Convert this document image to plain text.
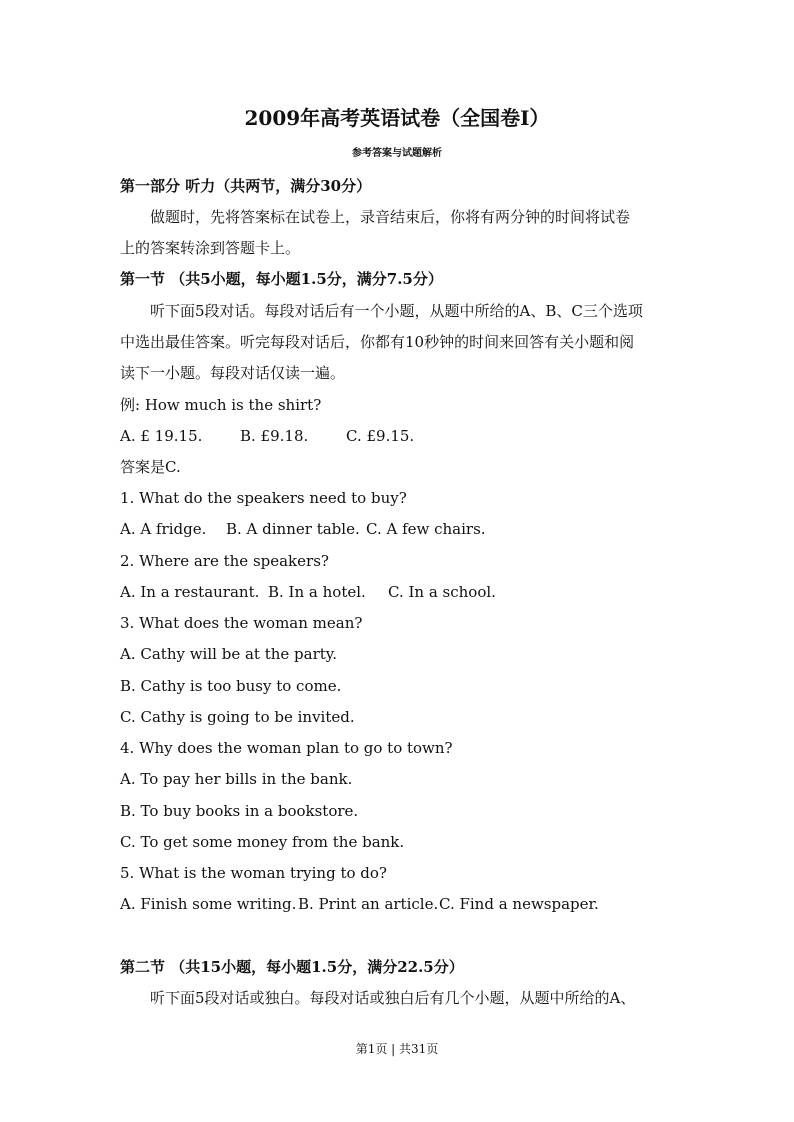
2009年高考英语试卷（全国卷I）
参考答案与试题解析
第一部分 听力（共两节，满分30分）
做题时，先将答案标在试卷上，录音结束后，你将有两分钟的时间将试卷
上的答案转涂到答题卡上。
第一节 （共5小题，每小题1.5分，满分7.5分）
听下面5段对话。每段对话后有一个小题，从题中所给的A、B、C三个选项
中选出最佳答案。听完每段对话后，你都有10秒钟的时间来回答有关小题和阅
读下一小题。每段对话仅读一遍。
例: How much is the shirt?
A. £ 19.15.	B. £9.18.	C. £9.15.
答案是C.
1. What do the speakers need to buy?
A. A fridge. B. A dinner table. C. A few chairs.
2. Where are the speakers?
A. In a restaurant. B. In a hotel. C. In a school.
3. What does the woman mean?
A. Cathy will be at the party.
B. Cathy is too busy to come.
C. Cathy is going to be invited.
4. Why does the woman plan to go to town?
A. To pay her bills in the bank.
B. To buy books in a bookstore.
C. To get some money from the bank.
5. What is the woman trying to do?
A. Finish some writing. B. Print an article. C. Find a newspaper.
第二节 （共15小题，每小题1.5分，满分22.5分）
听下面5段对话或独白。每段对话或独白后有几个小题，从题中所给的A、
第1页 | 共31页
